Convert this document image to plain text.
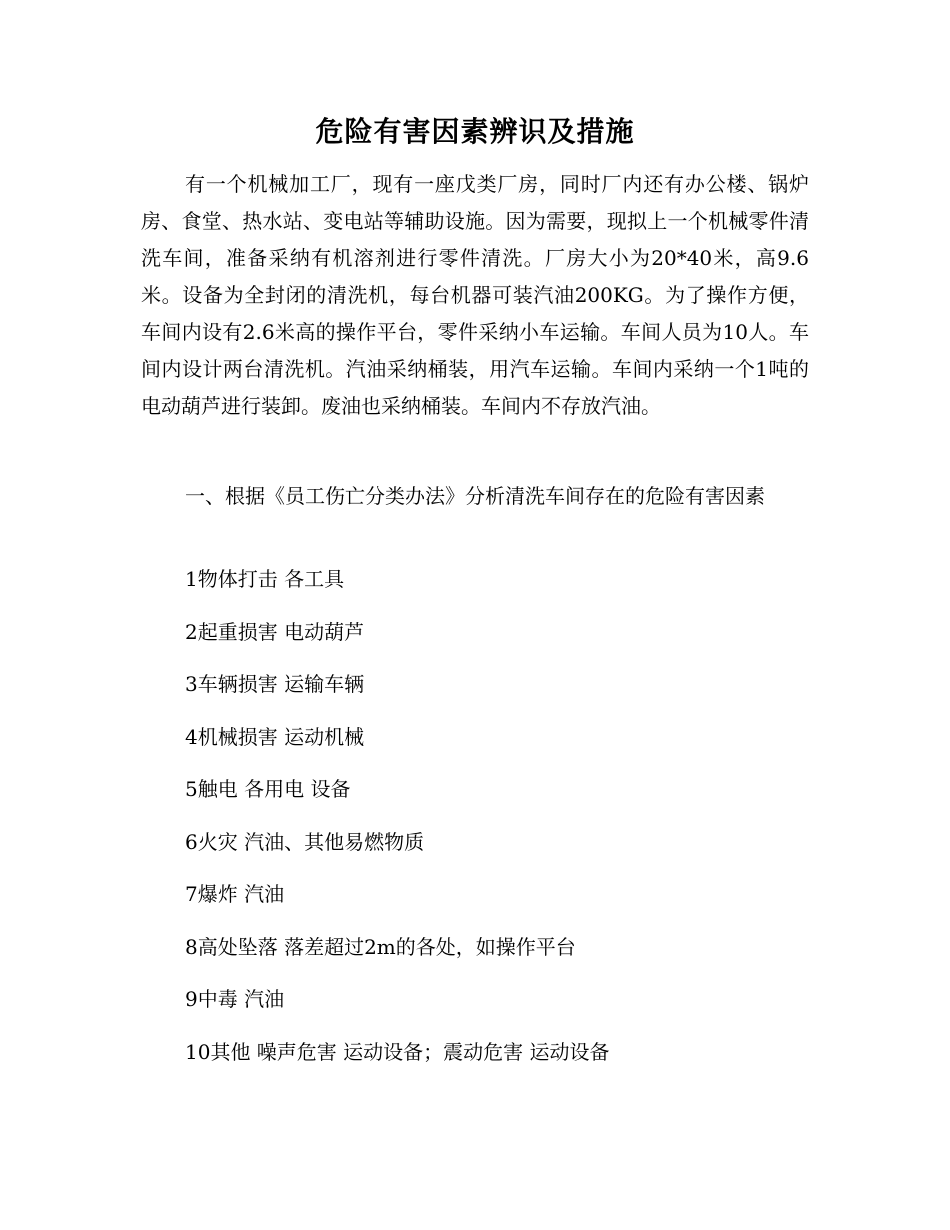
危险有害因素辨识及措施

有一个机械加工厂，现有一座戊类厂房，同时厂内还有办公楼、锅炉房、食堂、热水站、变电站等辅助设施。因为需要，现拟上一个机械零件清洗车间，准备采纳有机溶剂进行零件清洗。厂房大小为20*40米，高9.6米。设备为全封闭的清洗机，每台机器可装汽油200KG。为了操作方便，车间内设有2.6米高的操作平台，零件采纳小车运输。车间人员为10人。车间内设计两台清洗机。汽油采纳桶装，用汽车运输。车间内采纳一个1吨的电动葫芦进行装卸。废油也采纳桶装。车间内不存放汽油。

一、根据《员工伤亡分类办法》分析清洗车间存在的危险有害因素

1物体打击 各工具
2起重损害 电动葫芦
3车辆损害 运输车辆
4机械损害 运动机械
5触电 各用电 设备
6火灾 汽油、其他易燃物质
7爆炸 汽油
8高处坠落 落差超过2m的各处，如操作平台
9中毒 汽油
10其他 噪声危害 运动设备；震动危害 运动设备
